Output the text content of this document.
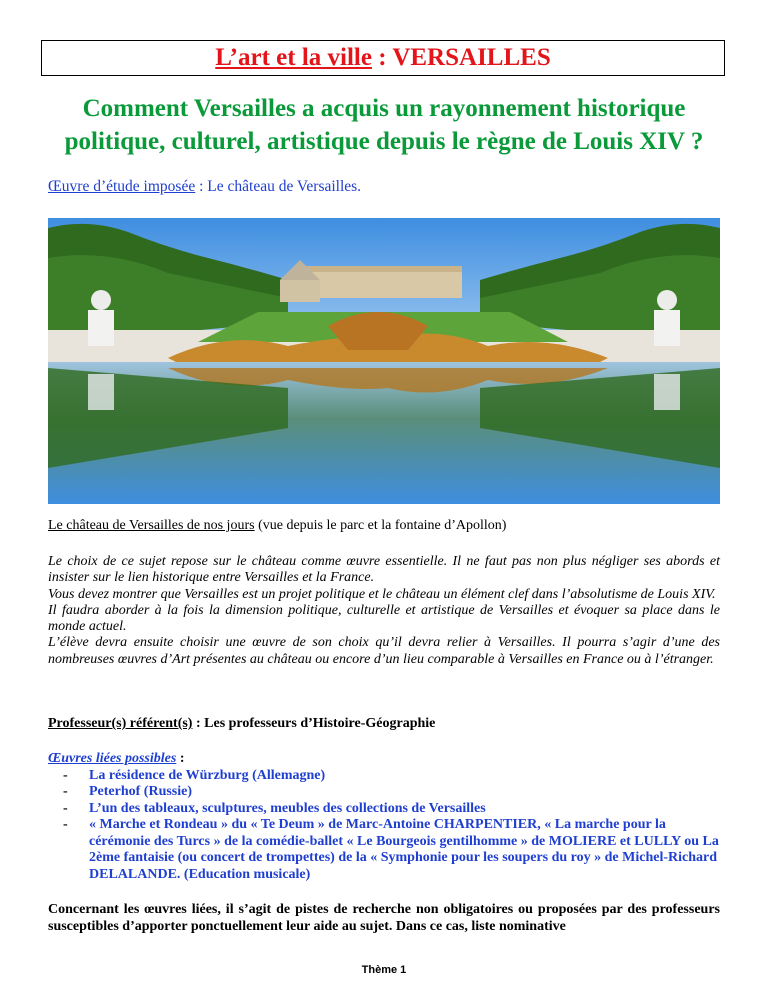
L’art et la ville : VERSAILLES
Comment Versailles a acquis un rayonnement historique politique, culturel, artistique depuis le règne de Louis XIV ?
Œuvre d’étude imposée : Le château de Versailles.
Le château de Versailles de nos jours (vue depuis le parc et la fontaine d’Apollon)

Le choix de ce sujet repose sur le château comme œuvre essentielle. Il ne faut pas non plus négliger ses abords et insister sur le lien historique entre Versailles et la France.

Vous devez montrer que Versailles est un projet politique et le château un élément clef dans l’absolutisme de Louis XIV.

Il faudra aborder à la fois la dimension politique, culturelle et artistique de Versailles et évoquer sa place dans le monde actuel.

L’élève devra ensuite choisir une œuvre de son choix qu’il devra relier à Versailles. Il pourra s’agir d’une des nombreuses œuvres d’Art présentes au château ou encore d’un lieu comparable à Versailles en France ou à l’étranger.

Professeur(s) référent(s) : Les professeurs d’Histoire-Géographie
Œuvres liées possibles :
- La résidence de Würzburg (Allemagne)
- Peterhof (Russie)
- L’un des tableaux, sculptures, meubles des collections de Versailles
- « Marche et Rondeau » du « Te Deum » de Marc-Antoine CHARPENTIER, « La marche pour la cérémonie des Turcs » de la comédie-ballet « Le Bourgeois gentilhomme » de MOLIERE et LULLY ou La 2ème fantaisie (ou concert de trompettes) de la « Symphonie pour les soupers du roy » de Michel-Richard DELALANDE. (Education musicale)
Concernant les œuvres liées, il s’agit de pistes de recherche non obligatoires ou proposées par des professeurs susceptibles d’apporter ponctuellement leur aide au sujet. Dans ce cas, liste nominative
Thème 1
